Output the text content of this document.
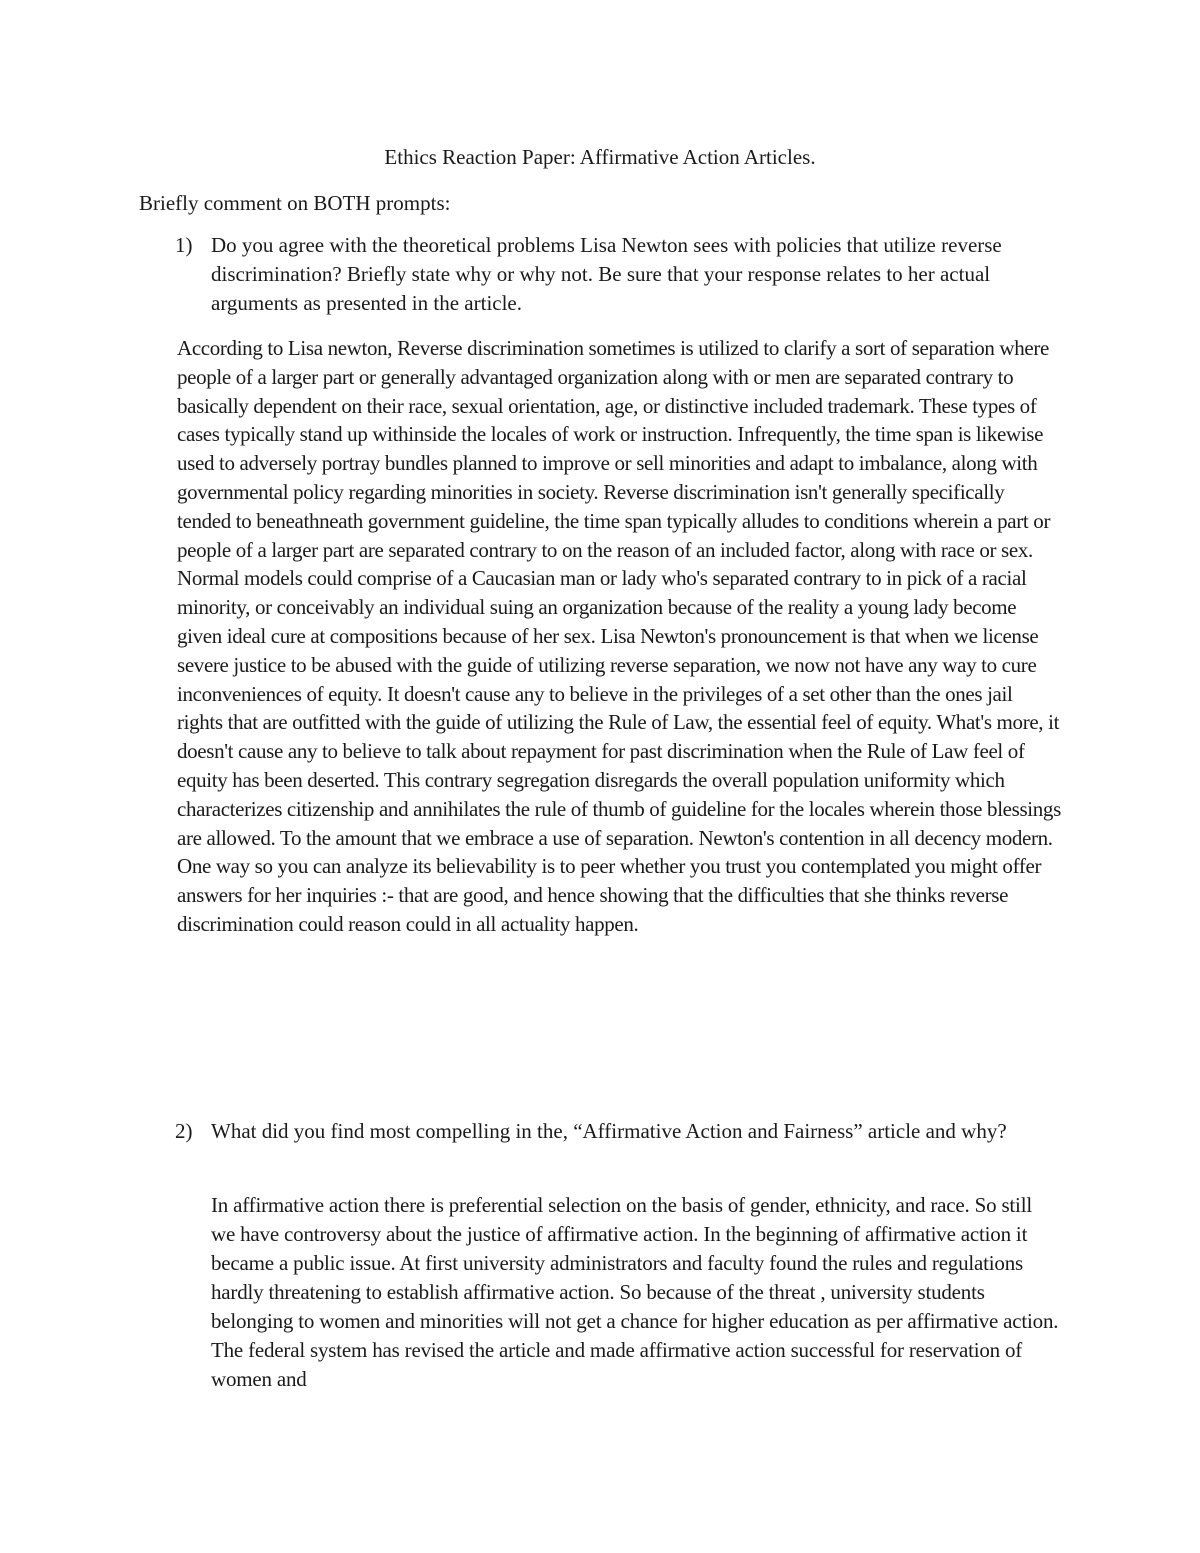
Ethics Reaction Paper: Affirmative Action Articles.
Briefly comment on BOTH prompts:
1) Do you agree with the theoretical problems Lisa Newton sees with policies that utilize reverse discrimination? Briefly state why or why not. Be sure that your response relates to her actual arguments as presented in the article.
According to Lisa newton, Reverse discrimination sometimes is utilized to clarify a sort of separation where people of a larger part or generally advantaged organization along with or men are separated contrary to basically dependent on their race, sexual orientation, age, or distinctive included trademark. These types of cases typically stand up withinside the locales of work or instruction. Infrequently, the time span is likewise used to adversely portray bundles planned to improve or sell minorities and adapt to imbalance, along with governmental policy regarding minorities in society. Reverse discrimination isn't generally specifically tended to beneathneath government guideline, the time span typically alludes to conditions wherein a part or people of a larger part are separated contrary to on the reason of an included factor, along with race or sex. Normal models could comprise of a Caucasian man or lady who's separated contrary to in pick of a racial minority, or conceivably an individual suing an organization because of the reality a young lady become given ideal cure at compositions because of her sex. Lisa Newton's pronouncement is that when we license severe justice to be abused with the guide of utilizing reverse separation, we now not have any way to cure inconveniences of equity. It doesn't cause any to believe in the privileges of a set other than the ones jail rights that are outfitted with the guide of utilizing the Rule of Law, the essential feel of equity. What's more, it doesn't cause any to believe to talk about repayment for past discrimination when the Rule of Law feel of equity has been deserted. This contrary segregation disregards the overall population uniformity which characterizes citizenship and annihilates the rule of thumb of guideline for the locales wherein those blessings are allowed. To the amount that we embrace a use of separation. Newton's contention in all decency modern. One way so you can analyze its believability is to peer whether you trust you contemplated you might offer answers for her inquiries :- that are good, and hence showing that the difficulties that she thinks reverse discrimination could reason could in all actuality happen.
2) What did you find most compelling in the, “Affirmative Action and Fairness” article and why?
In affirmative action there is preferential selection on the basis of gender, ethnicity, and race. So still we have controversy about the justice of affirmative action. In the beginning of affirmative action it became a public issue. At first university administrators and faculty found the rules and regulations hardly threatening to establish affirmative action. So because of the threat , university students belonging to women and minorities will not get a chance for higher education as per affirmative action. The federal system has revised the article and made affirmative action successful for reservation of women and
